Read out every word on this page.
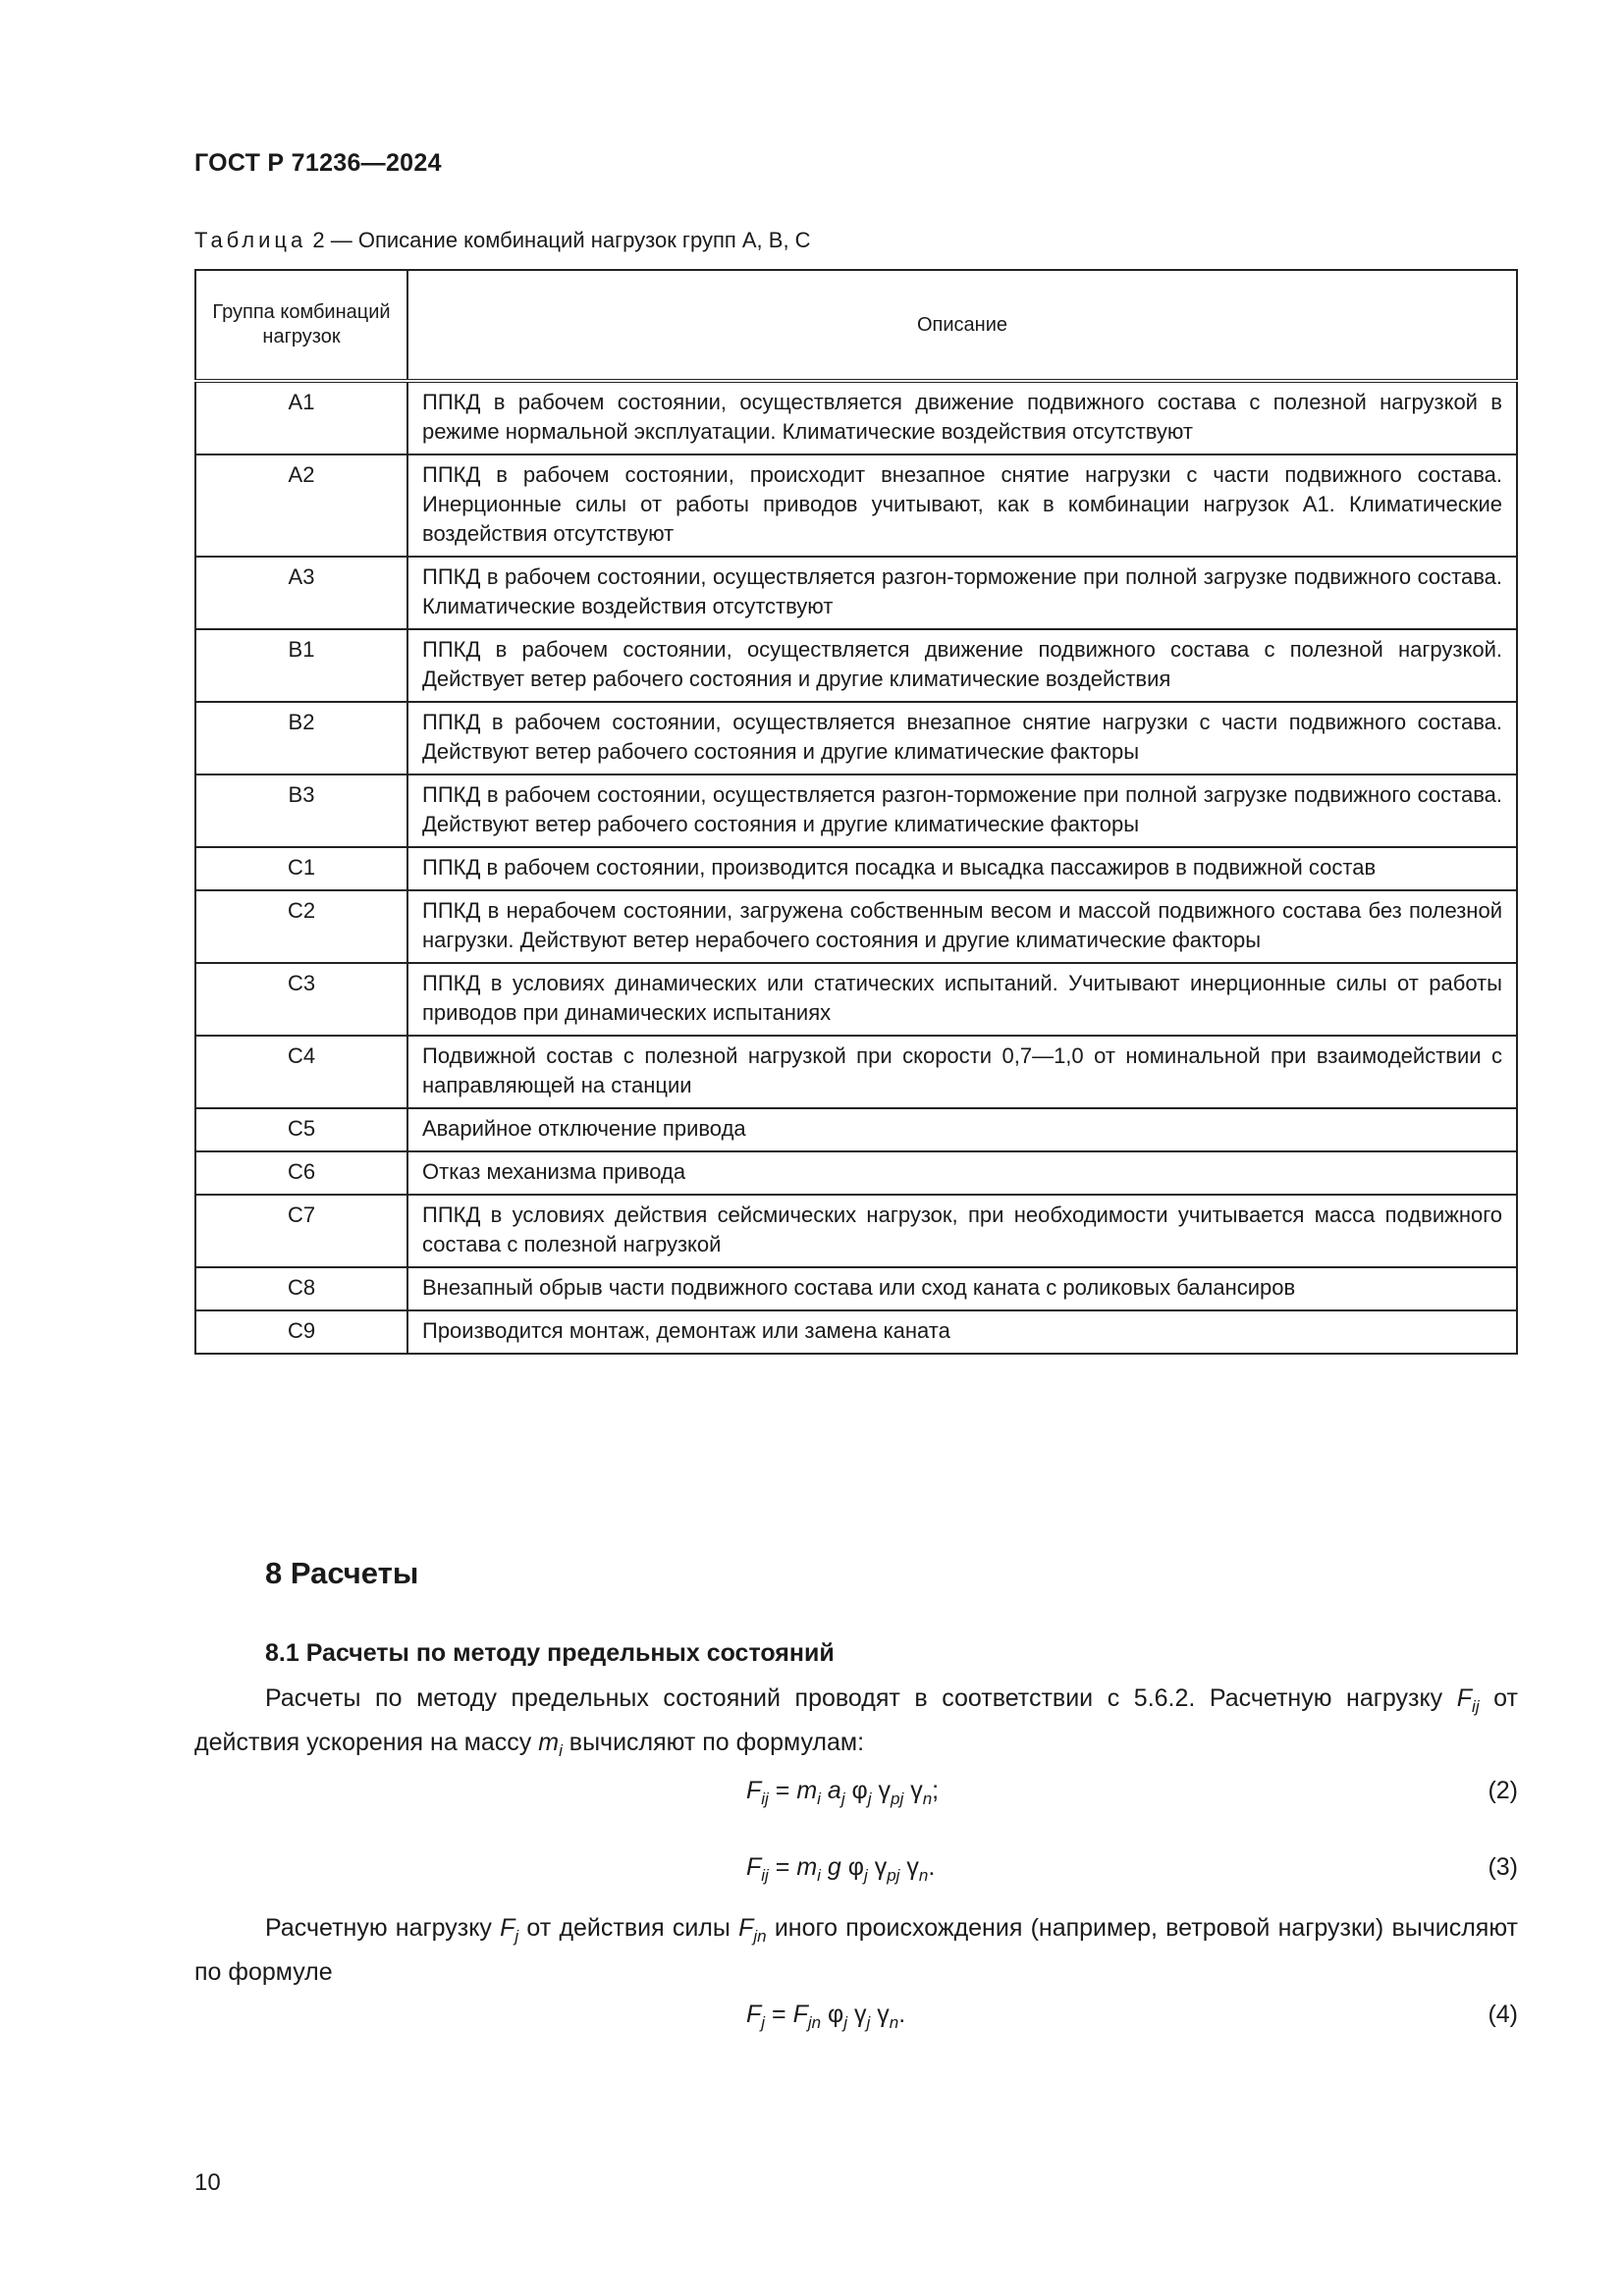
ГОСТ Р 71236—2024
Таблица 2 — Описание комбинаций нагрузок групп A, B, C
Группа комбинаций нагрузок	Описание
A1	ППКД в рабочем состоянии, осуществляется движение подвижного состава с полезной нагрузкой в режиме нормальной эксплуатации. Климатические воздействия отсутствуют
A2	ППКД в рабочем состоянии, происходит внезапное снятие нагрузки с части подвижного состава. Инерционные силы от работы приводов учитывают, как в комбинации нагрузок A1. Климатические воздействия отсутствуют
A3	ППКД в рабочем состоянии, осуществляется разгон-торможение при полной загрузке подвижного состава. Климатические воздействия отсутствуют
B1	ППКД в рабочем состоянии, осуществляется движение подвижного состава с полезной нагрузкой. Действует ветер рабочего состояния и другие климатические воздействия
B2	ППКД в рабочем состоянии, осуществляется внезапное снятие нагрузки с части подвижного состава. Действуют ветер рабочего состояния и другие климатические факторы
B3	ППКД в рабочем состоянии, осуществляется разгон-торможение при полной загрузке подвижного состава. Действуют ветер рабочего состояния и другие климатические факторы
C1	ППКД в рабочем состоянии, производится посадка и высадка пассажиров в подвижной состав
C2	ППКД в нерабочем состоянии, загружена собственным весом и массой подвижного состава без полезной нагрузки. Действуют ветер нерабочего состояния и другие климатические факторы
C3	ППКД в условиях динамических или статических испытаний. Учитывают инерционные силы от работы приводов при динамических испытаниях
C4	Подвижной состав с полезной нагрузкой при скорости 0,7—1,0 от номинальной при взаимодействии с направляющей на станции
C5	Аварийное отключение привода
C6	Отказ механизма привода
C7	ППКД в условиях действия сейсмических нагрузок, при необходимости учитывается масса подвижного состава с полезной нагрузкой
C8	Внезапный обрыв части подвижного состава или сход каната с роликовых балансиров
C9	Производится монтаж, демонтаж или замена каната
8 Расчеты
8.1 Расчеты по методу предельных состояний
Расчеты по методу предельных состояний проводят в соответствии с 5.6.2. Расчетную нагрузку $F_{ij}$ от действия ускорения на массу $m_i$ вычисляют по формулам:
$F_{ij} = m_i$ $a_j$ $\varphi_j$ $\gamma_{pj}$ $\gamma_n$;	(2)
$F_{ij} = m_i$ g $\varphi_j$ $\gamma_{pj}$ $\gamma_n$.	(3)
Расчетную нагрузку $F_j$ от действия силы $F_{jn}$ иного происхождения (например, ветровой нагрузки) вычисляют по формуле
$F_j = F_{jn}$ $\varphi_j$ $\gamma_j$ $\gamma_n$.	(4)
10
